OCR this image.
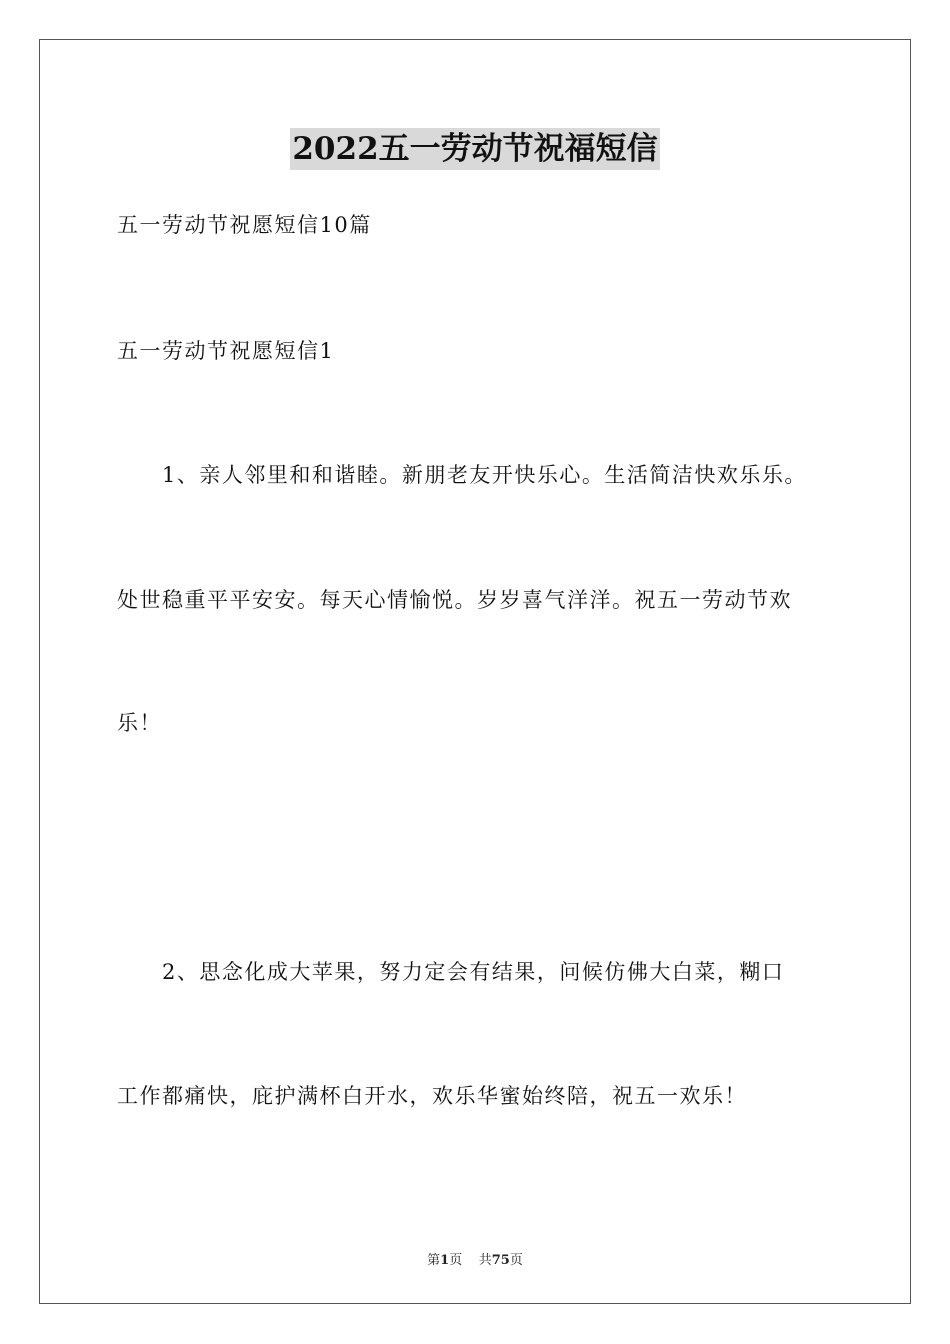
2022五一劳动节祝福短信
五一劳动节祝愿短信10篇
五一劳动节祝愿短信1
1、亲人邻里和和谐睦。新朋老友开快乐心。生活简洁快欢乐乐。
处世稳重平平安安。每天心情愉悦。岁岁喜气洋洋。祝五一劳动节欢
乐！
2、思念化成大苹果，努力定会有结果，问候仿佛大白菜，糊口
工作都痛快，庇护满杯白开水，欢乐华蜜始终陪，祝五一欢乐！
第1页 共75页
